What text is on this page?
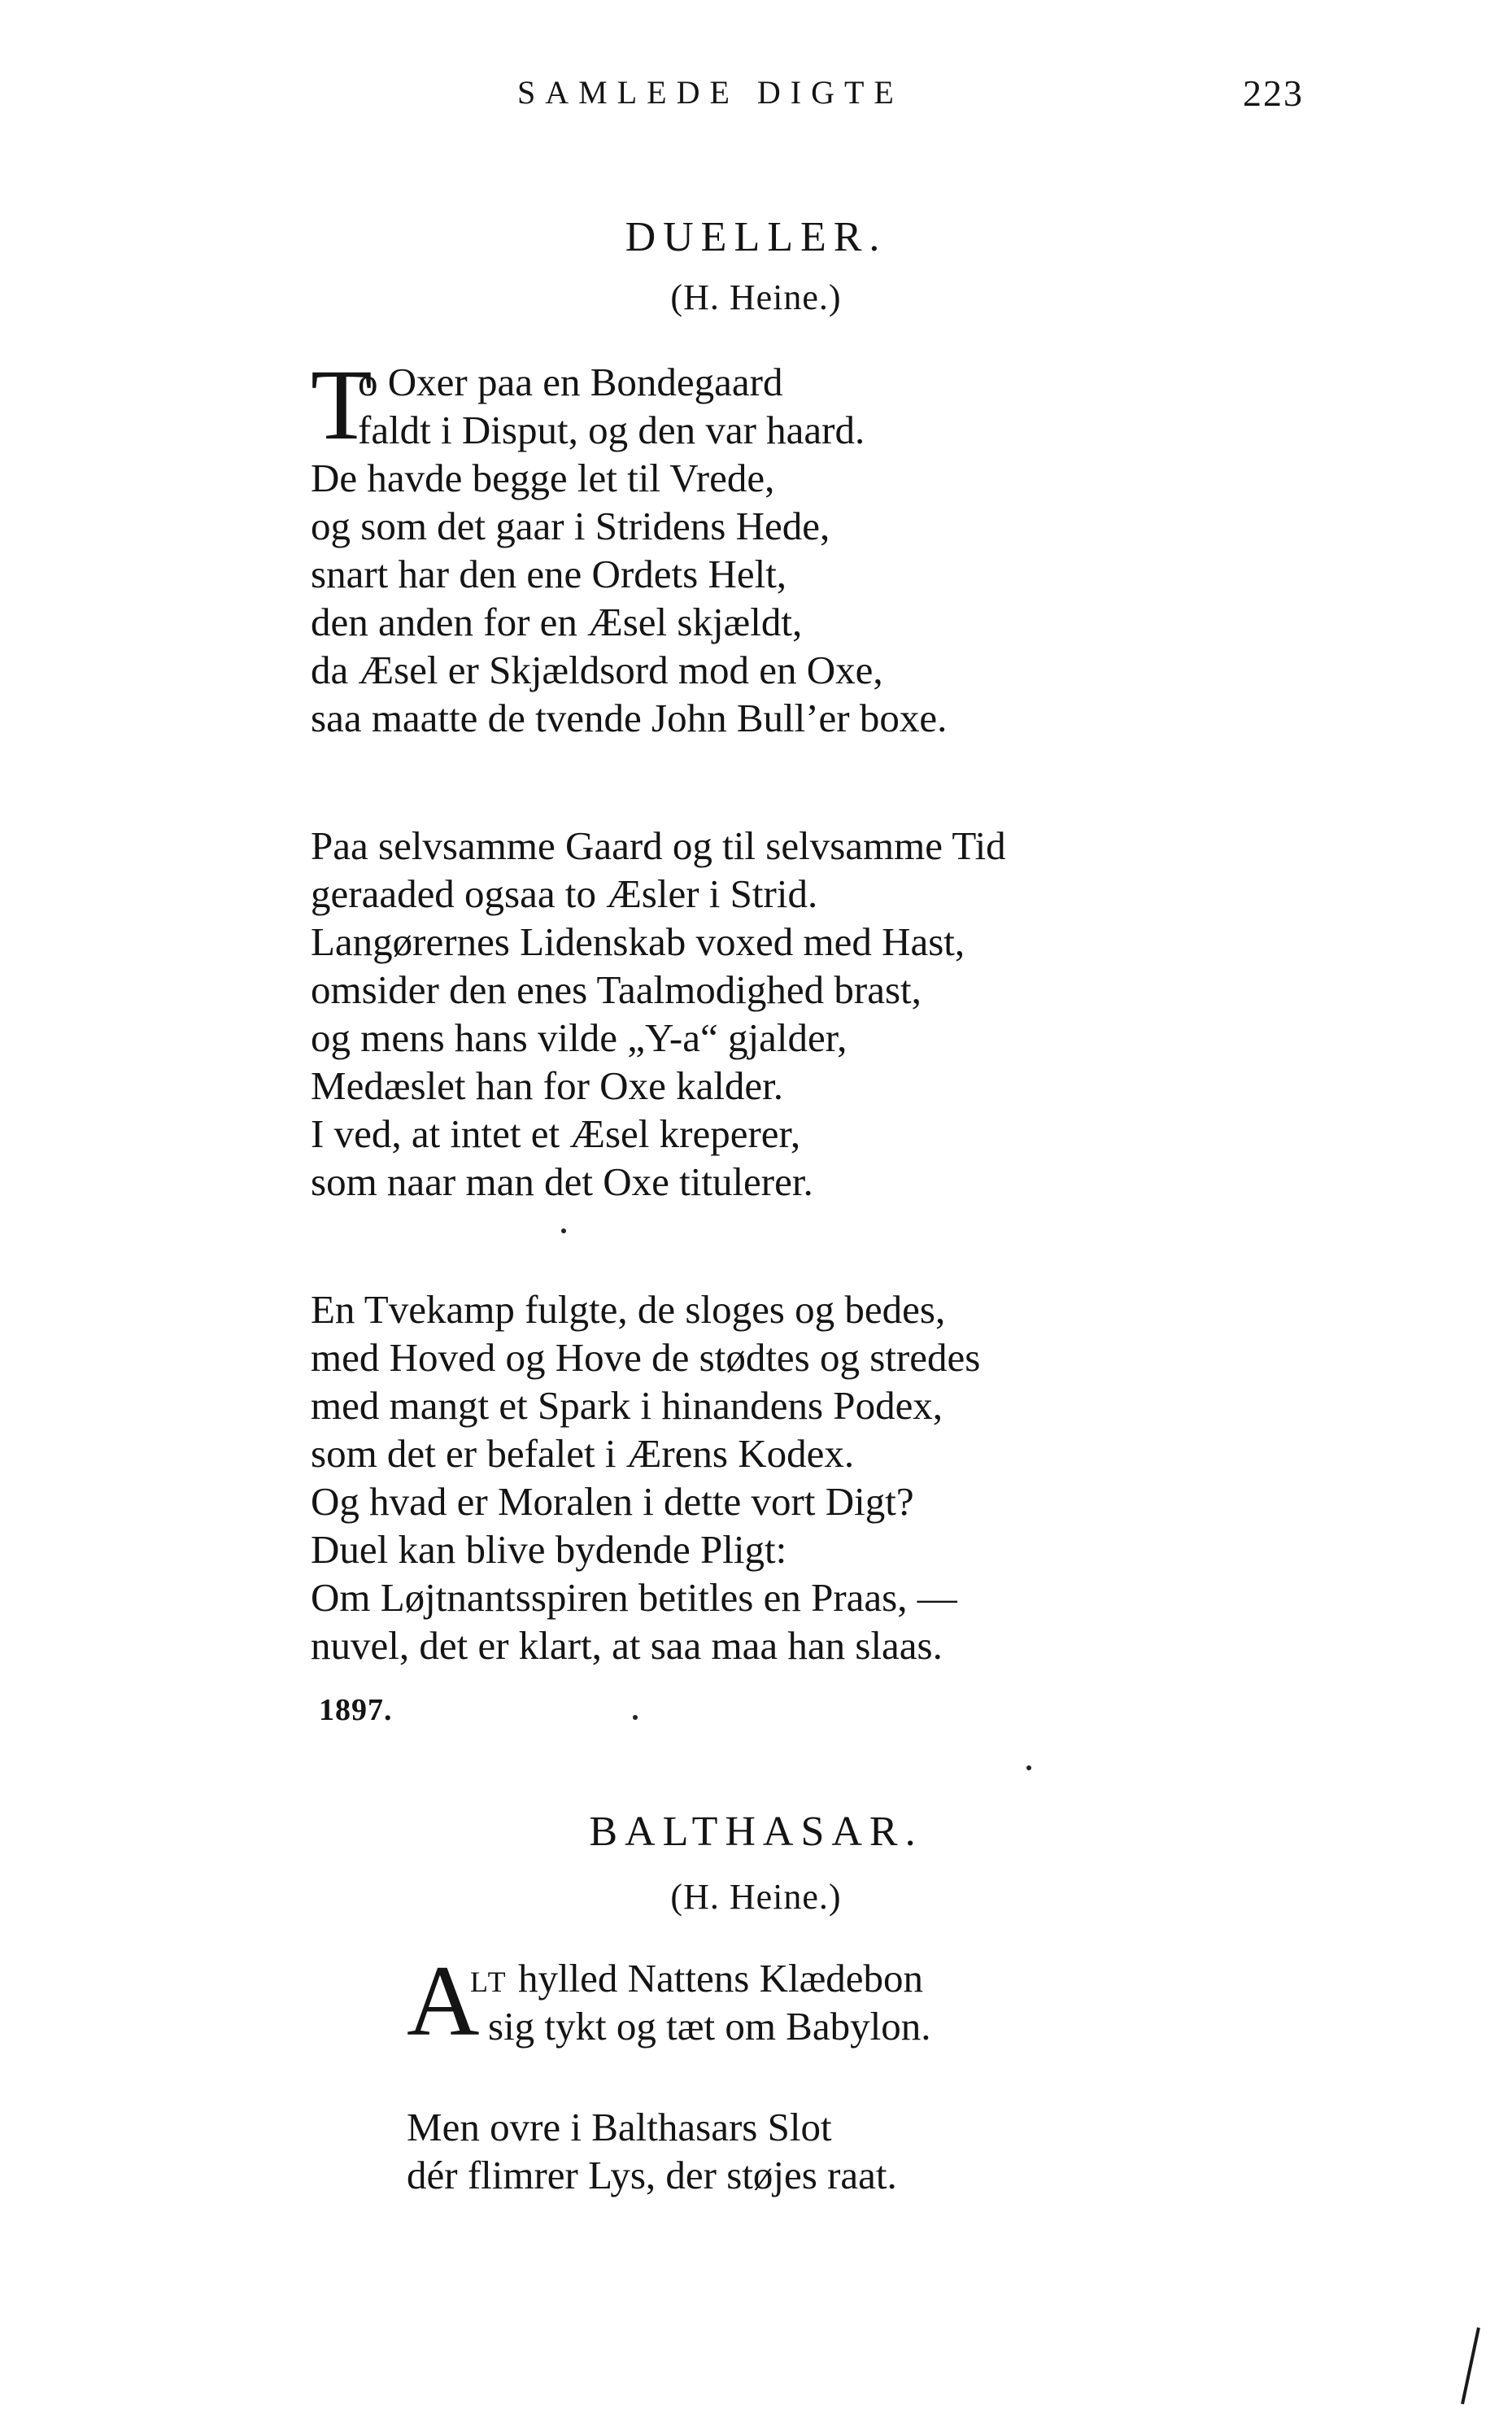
SAMLEDE DIGTE	223
DUELLER.
(H. Heine.)
T
o Oxer paa en Bondegaard
faldt i Disput, og den var haard.
De havde begge let til Vrede,
og som det gaar i Stridens Hede,
snart har den ene Ordets Helt,
den anden for en Æsel skjældt,
da Æsel er Skjældsord mod en Oxe,
saa maatte de tvende John Bull’er boxe.
Paa selvsamme Gaard og til selvsamme Tid
geraaded ogsaa to Æsler i Strid.
Langørernes Lidenskab voxed med Hast,
omsider den enes Taalmodighed brast,
og mens hans vilde „Y-a“ gjalder,
Medæslet han for Oxe kalder.
I ved, at intet et Æsel kreperer,
som naar man det Oxe titulerer.
En Tvekamp fulgte, de sloges og bedes,
med Hoved og Hove de stødtes og stredes
med mangt et Spark i hinandens Podex,
som det er befalet i Ærens Kodex.
Og hvad er Moralen i dette vort Digt?
Duel kan blive bydende Pligt:
Om Løjtnantsspiren betitles en Praas, —
nuvel, det er klart, at saa maa han slaas.
1897.
BALTHASAR.
(H. Heine.)
A
LT hylled Nattens Klædebon
sig tykt og tæt om Babylon.
Men ovre i Balthasars Slot
dér flimrer Lys, der støjes raat.
